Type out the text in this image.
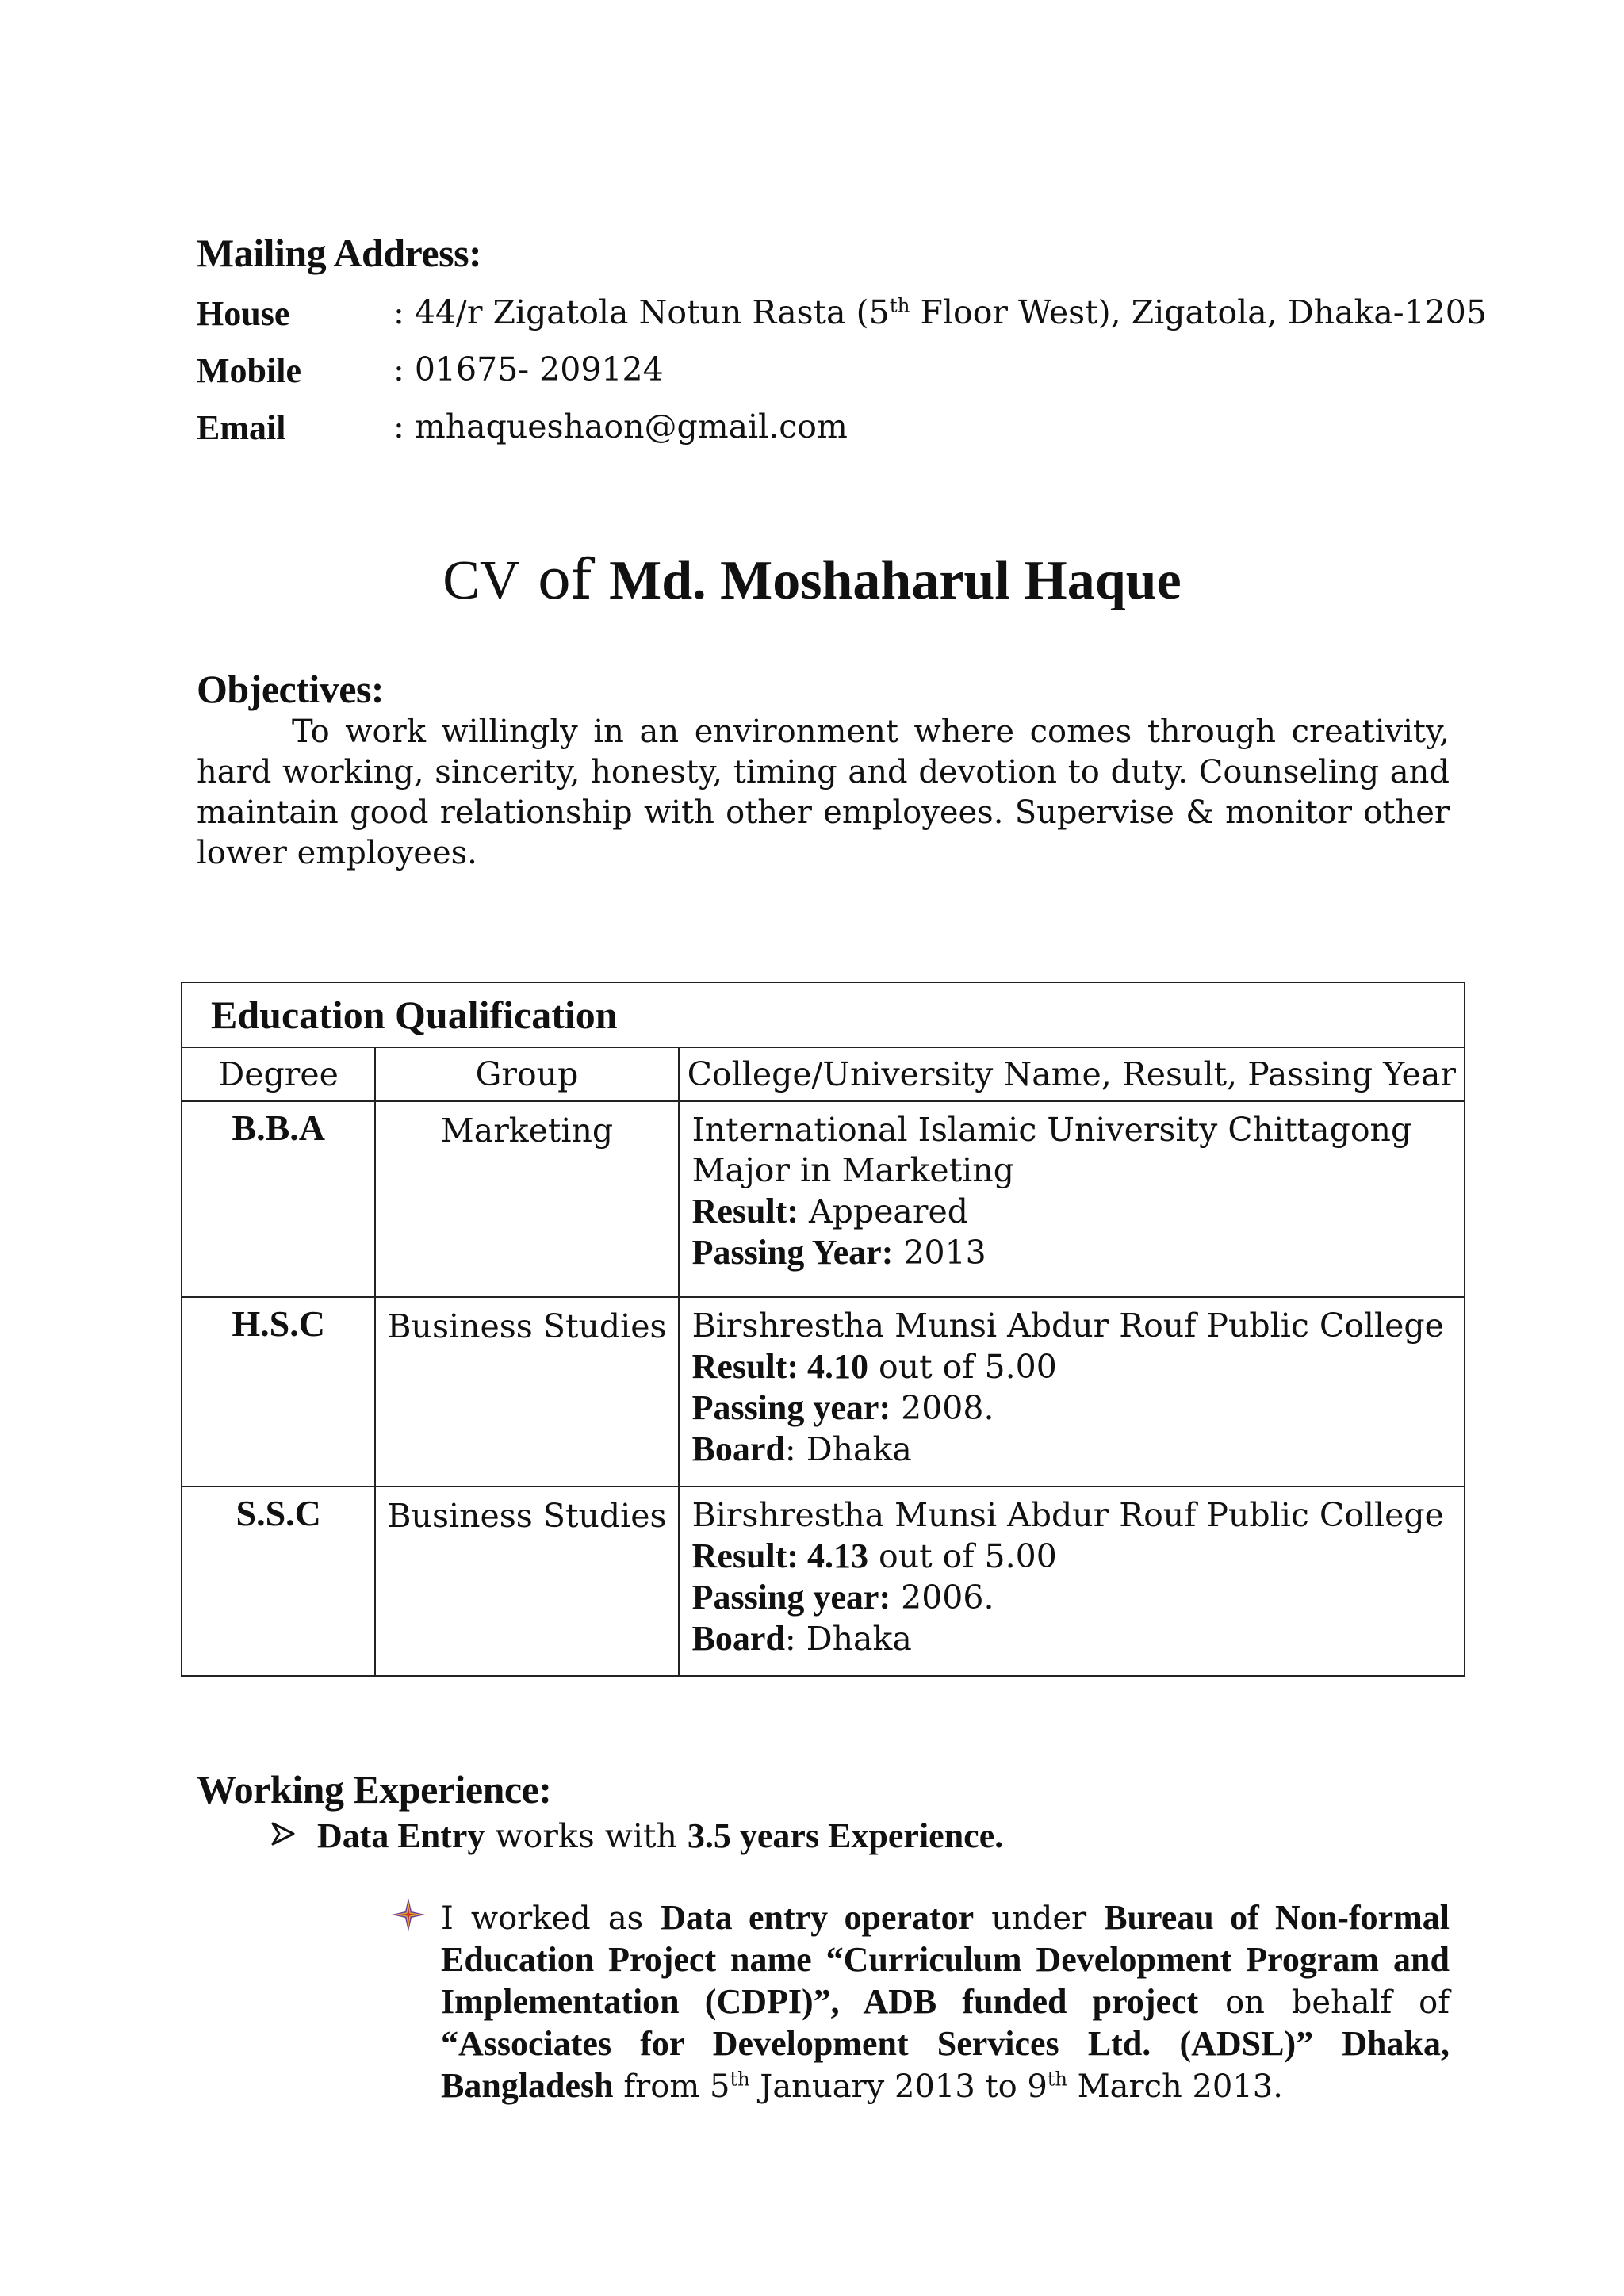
Mailing Address:
House	: 44/r Zigatola Notun Rasta (5th Floor West), Zigatola, Dhaka-1205
Mobile	: 01675- 209124
Email	: mhaqueshaon@gmail.com
CV of Md. Moshaharul Haque
Objectives:
To work willingly in an environment where comes through creativity, hard working, sincerity, honesty, timing and devotion to duty. Counseling and maintain good relationship with other employees. Supervise & monitor other lower employees.
Education Qualification		
Degree	Group	College/University Name, Result, Passing Year
B.B.A	Marketing	International Islamic University Chittagong
Major in Marketing
Result: Appeared
Passing Year: 2013

H.S.C	Business Studies	Birshrestha Munsi Abdur Rouf Public College
Result: 4.10 out of 5.00
Passing year: 2008.
Board: Dhaka

S.S.C	Business Studies	Birshrestha Munsi Abdur Rouf Public College
Result: 4.13 out of 5.00
Passing year: 2006.
Board: Dhaka
Working Experience:
Data Entry works with 3.5 years Experience.
I worked as Data entry operator under Bureau of Non-formal Education Project name “Curriculum Development Program and Implementation (CDPI)”, ADB funded project on behalf of “Associates for Development Services Ltd. (ADSL)” Dhaka, Bangladesh from 5th January 2013 to 9th March 2013.
